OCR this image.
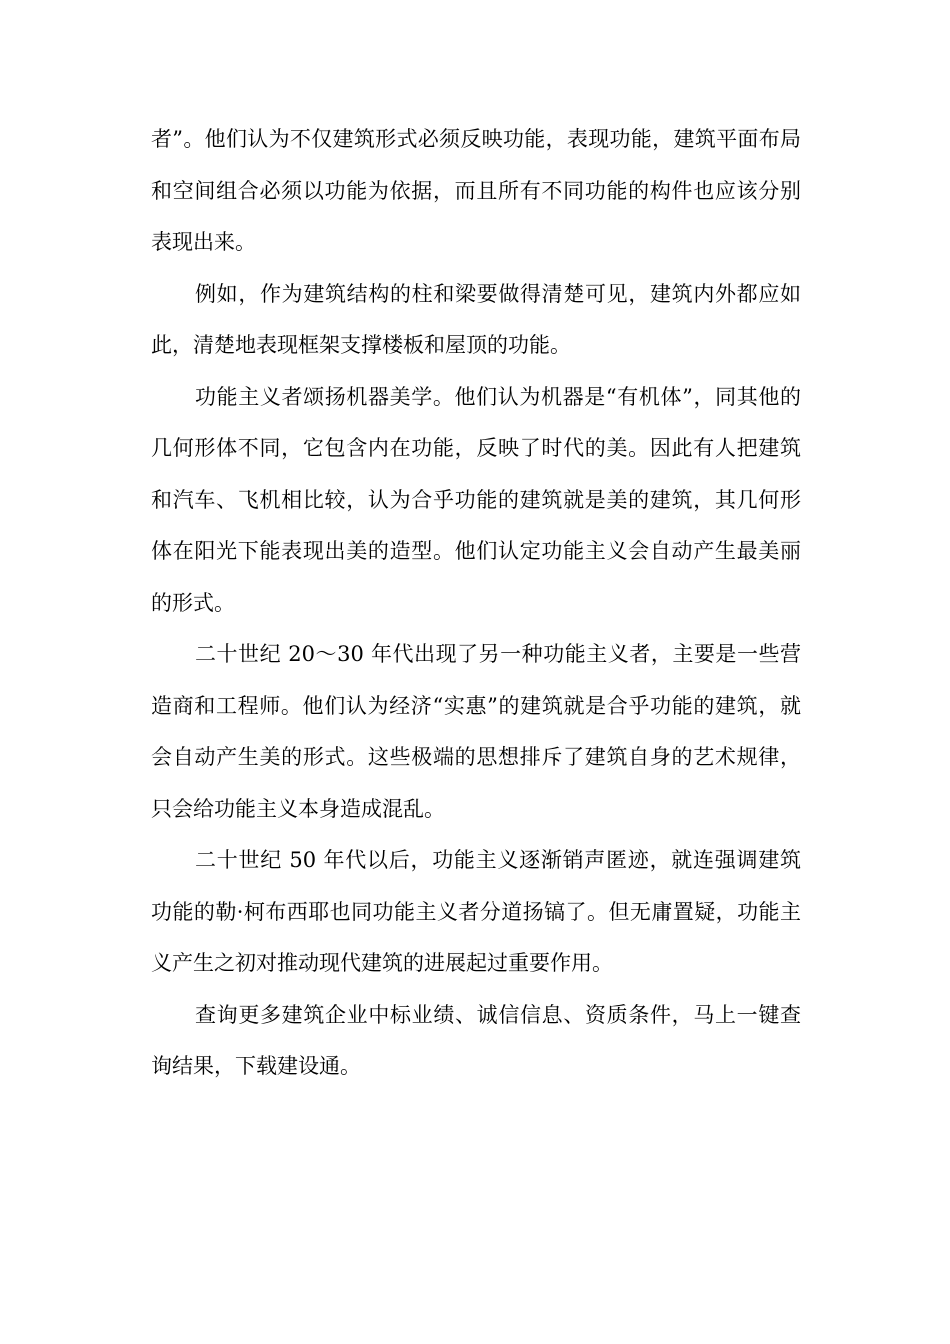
者”。他们认为不仅建筑形式必须反映功能，表现功能，建筑平面布局和空间组合必须以功能为依据，而且所有不同功能的构件也应该分别表现出来。

例如，作为建筑结构的柱和梁要做得清楚可见，建筑内外都应如此，清楚地表现框架支撑楼板和屋顶的功能。

功能主义者颂扬机器美学。他们认为机器是“有机体”，同其他的几何形体不同，它包含内在功能，反映了时代的美。因此有人把建筑和汽车、飞机相比较，认为合乎功能的建筑就是美的建筑，其几何形体在阳光下能表现出美的造型。他们认定功能主义会自动产生最美丽的形式。

二十世纪 20～30 年代出现了另一种功能主义者，主要是一些营造商和工程师。他们认为经济“实惠”的建筑就是合乎功能的建筑，就会自动产生美的形式。这些极端的思想排斥了建筑自身的艺术规律，只会给功能主义本身造成混乱。

二十世纪 50 年代以后，功能主义逐渐销声匿迹，就连强调建筑功能的勒·柯布西耶也同功能主义者分道扬镐了。但无庸置疑，功能主义产生之初对推动现代建筑的进展起过重要作用。

查询更多建筑企业中标业绩、诚信信息、资质条件，马上一键查询结果，下载建设通。
